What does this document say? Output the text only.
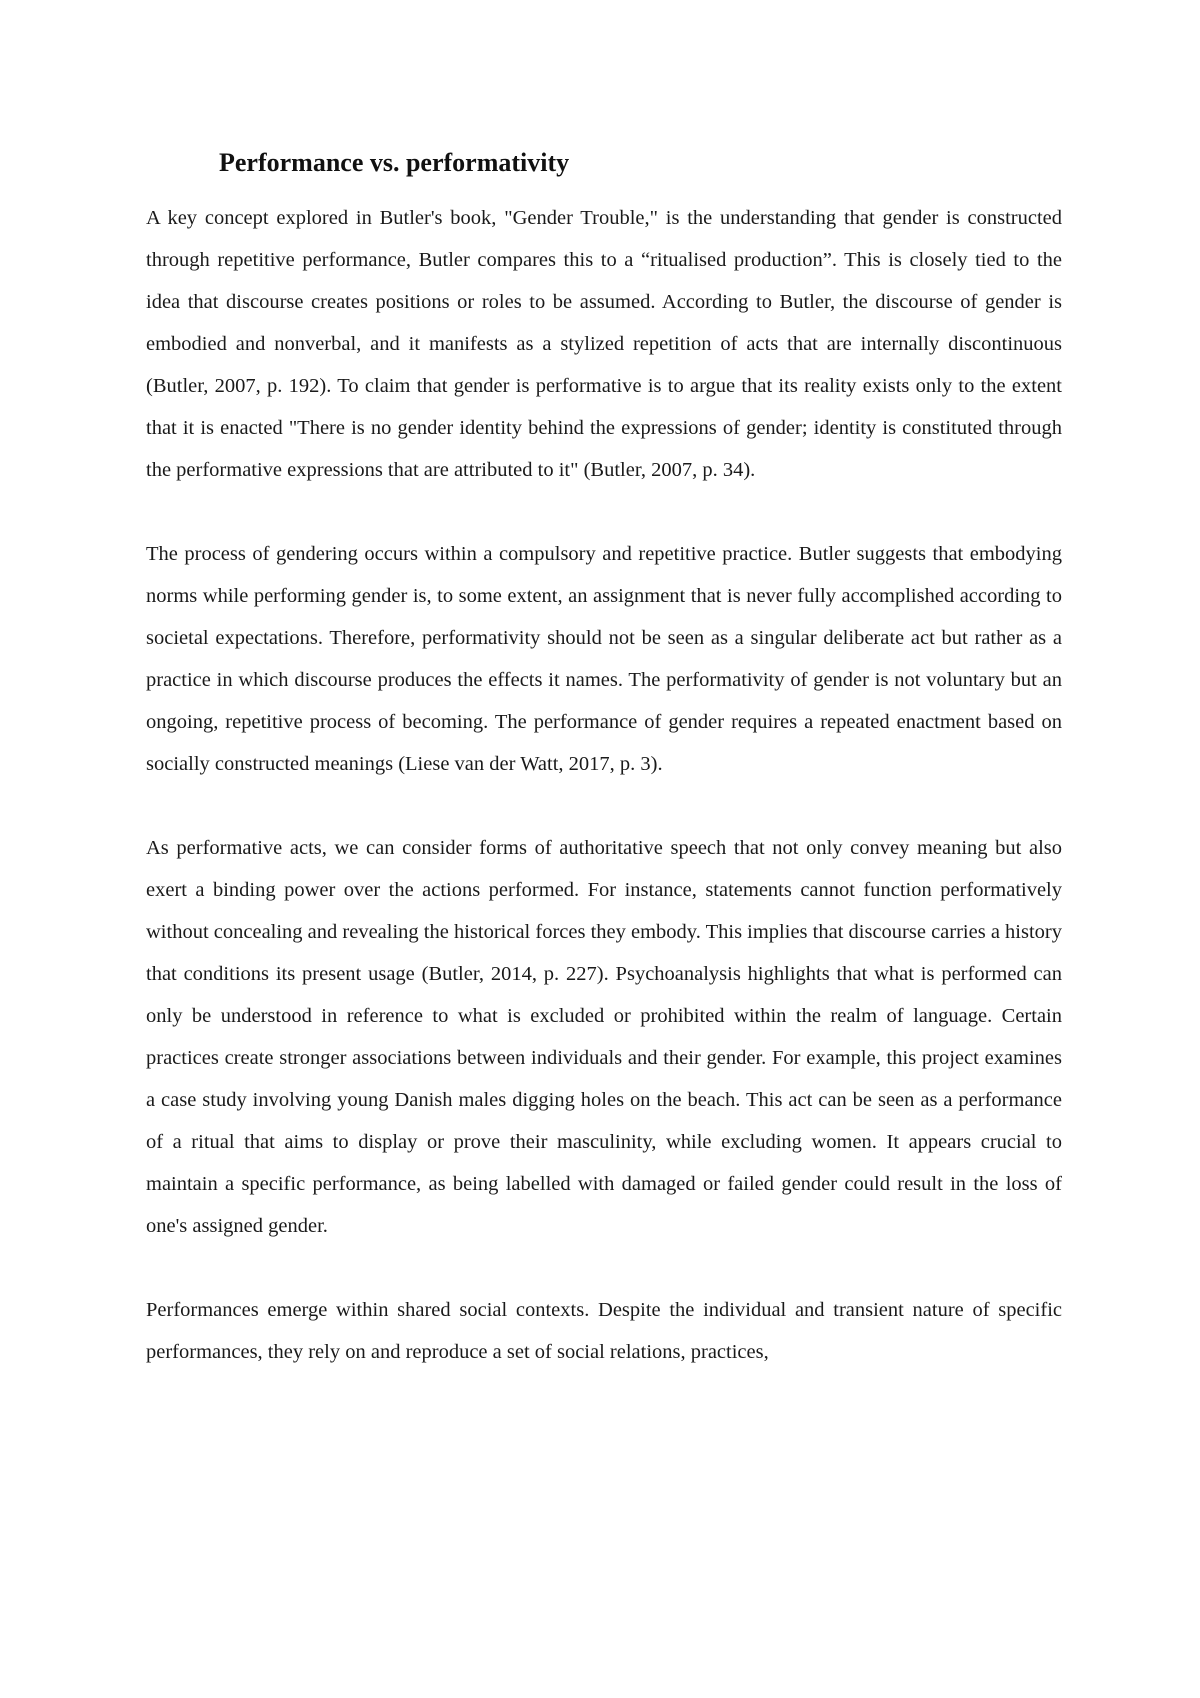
Performance vs. performativity

A key concept explored in Butler's book, "Gender Trouble," is the understanding that gender is constructed through repetitive performance, Butler compares this to a “ritualised production”. This is closely tied to the idea that discourse creates positions or roles to be assumed. According to Butler, the discourse of gender is embodied and nonverbal, and it manifests as a stylized repetition of acts that are internally discontinuous (Butler, 2007, p. 192). To claim that gender is performative is to argue that its reality exists only to the extent that it is enacted "There is no gender identity behind the expressions of gender; identity is constituted through the performative expressions that are attributed to it" (Butler, 2007, p. 34).

The process of gendering occurs within a compulsory and repetitive practice. Butler suggests that embodying norms while performing gender is, to some extent, an assignment that is never fully accomplished according to societal expectations. Therefore, performativity should not be seen as a singular deliberate act but rather as a practice in which discourse produces the effects it names. The performativity of gender is not voluntary but an ongoing, repetitive process of becoming. The performance of gender requires a repeated enactment based on socially constructed meanings (Liese van der Watt, 2017, p. 3).

As performative acts, we can consider forms of authoritative speech that not only convey meaning but also exert a binding power over the actions performed. For instance, statements cannot function performatively without concealing and revealing the historical forces they embody. This implies that discourse carries a history that conditions its present usage (Butler, 2014, p. 227). Psychoanalysis highlights that what is performed can only be understood in reference to what is excluded or prohibited within the realm of language. Certain practices create stronger associations between individuals and their gender. For example, this project examines a case study involving young Danish males digging holes on the beach. This act can be seen as a performance of a ritual that aims to display or prove their masculinity, while excluding women. It appears crucial to maintain a specific performance, as being labelled with damaged or failed gender could result in the loss of one's assigned gender.

Performances emerge within shared social contexts. Despite the individual and transient nature of specific performances, they rely on and reproduce a set of social relations, practices,
